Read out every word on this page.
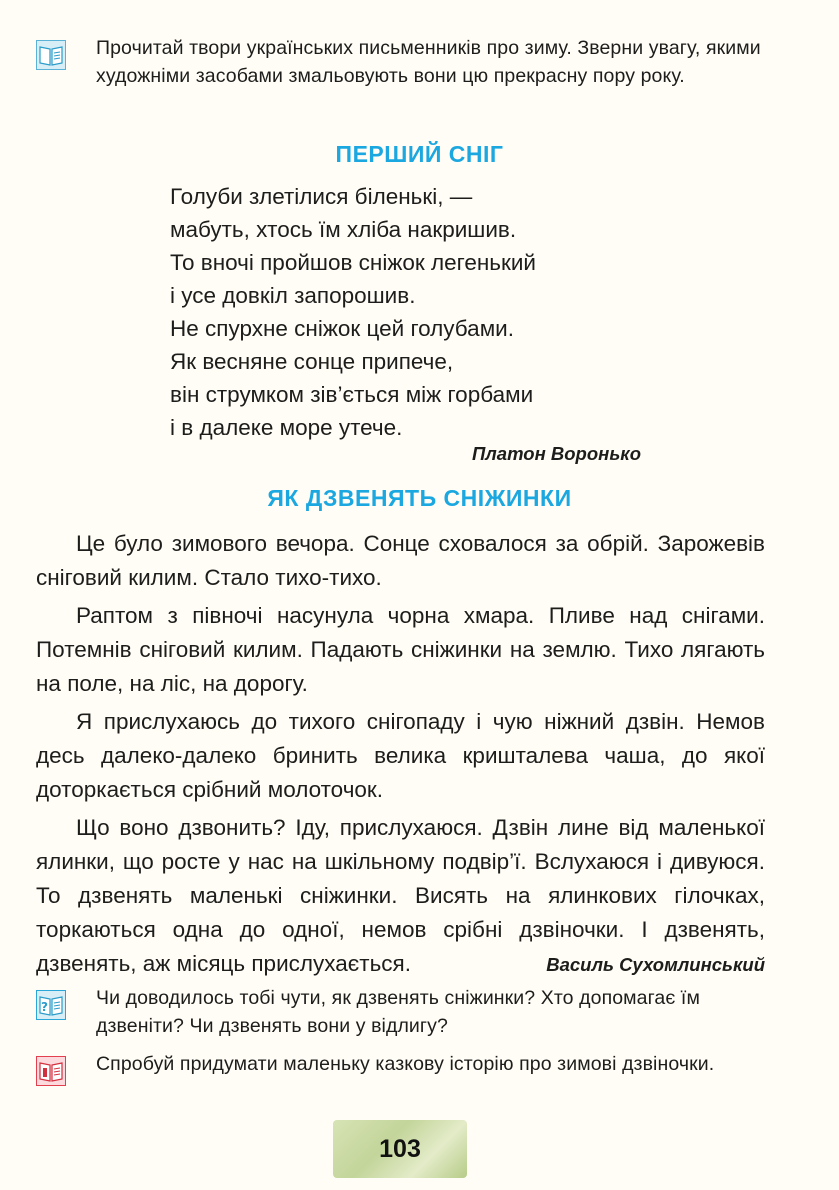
Прочитай твори українських письменників про зиму. Зверни увагу, якими художніми засобами змальовують вони цю прекрасну пору року.
ПЕРШИЙ СНІГ
Голуби злетілися біленькі, —
мабуть, хтось їм хліба накришив.
То вночі пройшов сніжок легенький
і усе довкіл запорошив.
Не спурхне сніжок цей голубами.
Як весняне сонце припече,
він струмком зів’ється між горбами
і в далеке море утече.
Платон Воронько
ЯК ДЗВЕНЯТЬ СНІЖИНКИ

Це було зимового вечора. Сонце сховалося за обрій. Зарожевів сніговий килим. Стало тихо-тихо.

Раптом з півночі насунула чорна хмара. Пливе над снігами. Потемнів сніговий килим. Падають сніжинки на землю. Тихо лягають на поле, на ліс, на дорогу.

Я прислухаюсь до тихого снігопаду і чую ніжний дзвін. Немов десь далеко-далеко бринить велика кришталева чаша, до якої доторкається срібний молоточок.

Що воно дзвонить? Іду, прислухаюся. Дзвін лине від маленької ялинки, що росте у нас на шкільному подвір’ї. Вслухаюся і дивуюся. То дзвенять маленькі сніжинки. Висять на ялинкових гілочках, торкаються одна до одної, немов срібні дзвіночки. І дзвенять, дзвенять, аж місяць прислухається.	Василь Сухомлинський
? Чи доводилось тобі чути, як дзвенять сніжинки? Хто допомагає їм дзвеніти? Чи дзвенять вони у відлигу?
Спробуй придумати маленьку казкову історію про зимові дзвіночки.
103
